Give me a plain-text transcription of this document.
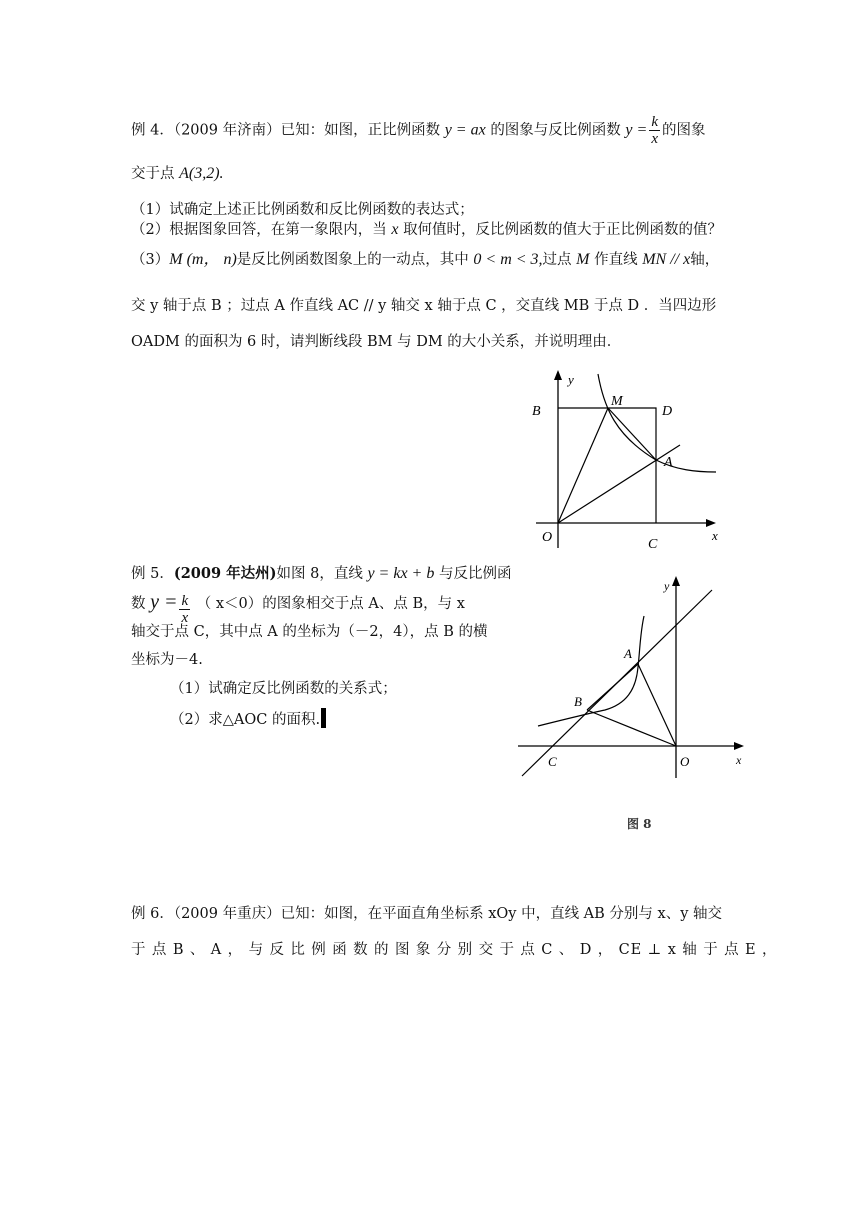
例 4．（2009 年济南）已知：如图，正比例函数 y = ax 的图象与反比例函数 $y = \frac{k}{x}$ 的图象
交于点 A(3,2).
（1）试确定上述正比例函数和反比例函数的表达式；
（2）根据图象回答，在第一象限内，当 x 取何值时，反比例函数的值大于正比例函数的值？
（3）M (m， n)是反比例函数图象上的一动点，其中 0 < m < 3,过点 M 作直线 MN // x轴，
交 y 轴于点 B ；过点 A 作直线 AC // y 轴交 x 轴于点 C ，交直线 MB 于点 D ．当四边形
OADM 的面积为 6 时，请判断线段 BM 与 DM 的大小关系，并说明理由．
y
x
O
B
M
D
A
C
例 5．(2009 年达州)如图 8，直线 y = kx + b 与反比例函
数 $y = \frac{k}{x}$ （ x＜0）的图象相交于点 A、点 B，与 x
轴交于点 C，其中点 A 的坐标为（－2，4），点 B 的横
坐标为－4.
（1）试确定反比例函数的关系式；
（2）求△AOC 的面积.
y
x
A
B
C	O
图 8
例 6．（2009 年重庆）已知：如图，在平面直角坐标系 xOy 中，直线 AB 分别与 x、y 轴交
于 点 B 、 A ， 与 反 比 例 函 数 的 图 象 分 别 交 于 点 C 、 D ， CE ⊥ x 轴 于 点 E ，
